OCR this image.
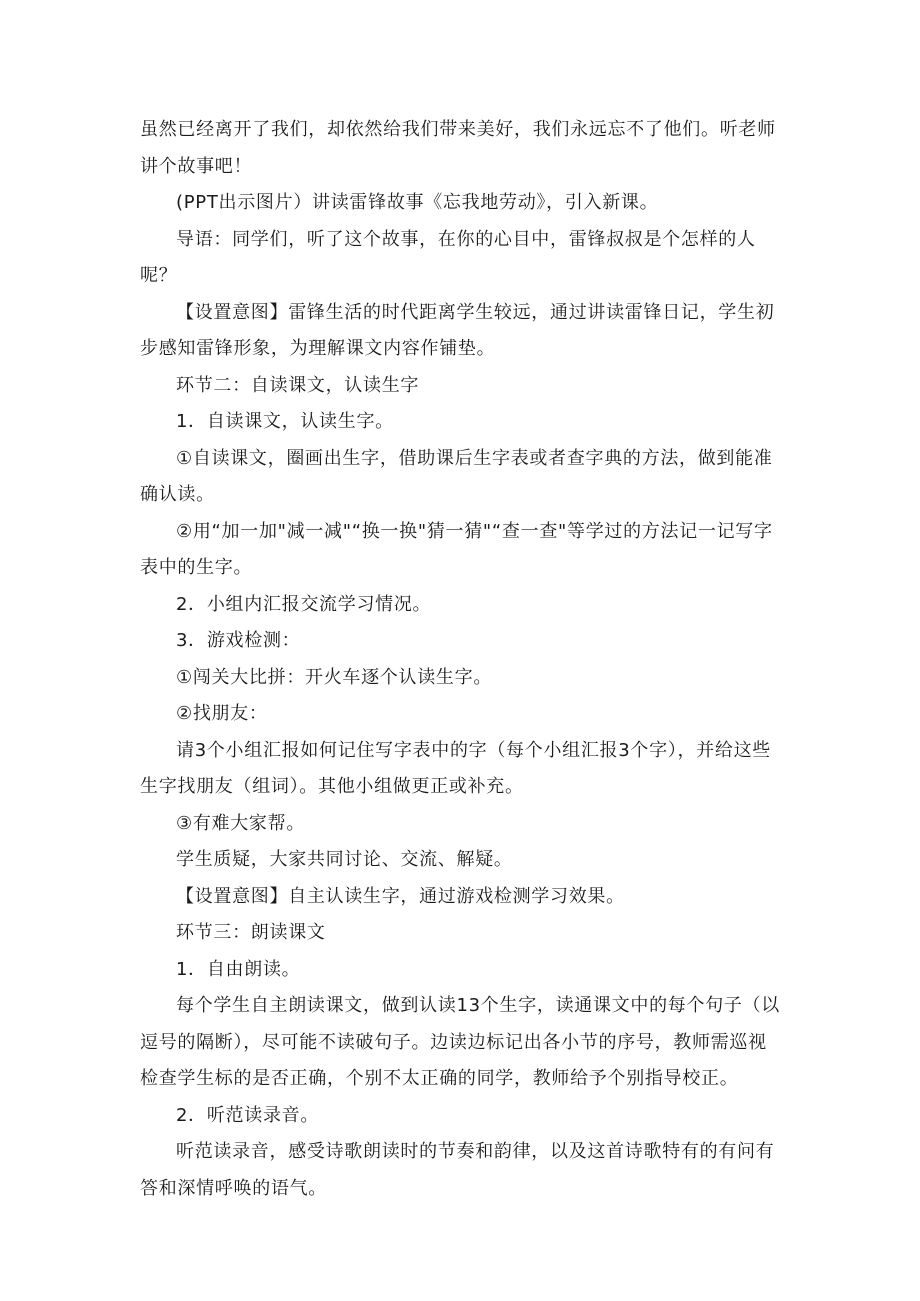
虽然已经离开了我们，却依然给我们带来美好，我们永远忘不了他们。听老师讲个故事吧！

(PPT出示图片）讲读雷锋故事《忘我地劳动》，引入新课。

导语：同学们，听了这个故事，在你的心目中，雷锋叔叔是个怎样的人呢？

【设置意图】雷锋生活的时代距离学生较远，通过讲读雷锋日记，学生初步感知雷锋形象，为理解课文内容作铺垫。

环节二：自读课文，认读生字

1．自读课文，认读生字。

①自读课文，圈画出生字，借助课后生字表或者查字典的方法，做到能准确认读。

②用“加一加"减一减"“换一换"猜一猜"“查一查"等学过的方法记一记写字表中的生字。

2．小组内汇报交流学习情况。

3．游戏检测：

①闯关大比拼：开火车逐个认读生字。

②找朋友：

请3个小组汇报如何记住写字表中的字（每个小组汇报3个字），并给这些生字找朋友（组词）。其他小组做更正或补充。

③有难大家帮。

学生质疑，大家共同讨论、交流、解疑。

【设置意图】自主认读生字，通过游戏检测学习效果。

环节三：朗读课文

1．自由朗读。

每个学生自主朗读课文，做到认读13个生字，读通课文中的每个句子（以逗号的隔断），尽可能不读破句子。边读边标记出各小节的序号，教师需巡视检查学生标的是否正确，个别不太正确的同学，教师给予个别指导校正。

2．听范读录音。

听范读录音，感受诗歌朗读时的节奏和韵律，以及这首诗歌特有的有问有答和深情呼唤的语气。
